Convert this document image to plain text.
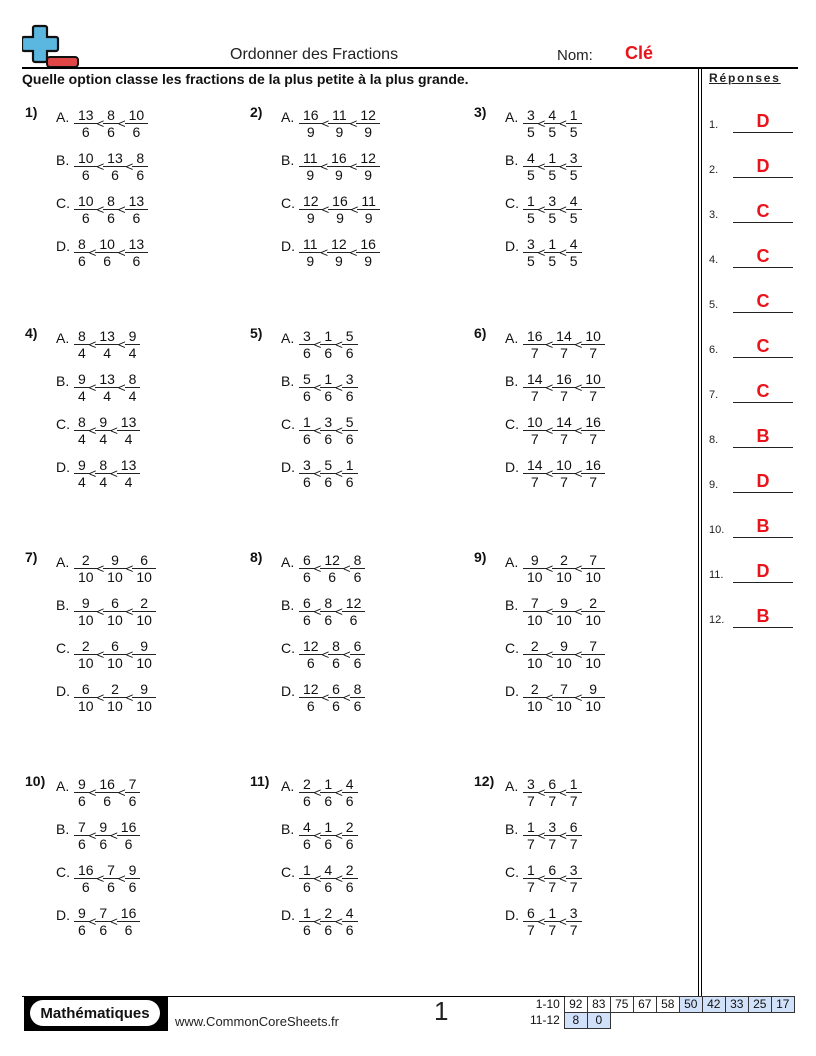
Ordonner des Fractions	Nom: Clé
Quelle option classe les fractions de la plus petite à la plus grande.	Réponses
1.	D
2.	D
3.	C
4.	C
5.	C
6.	C
7.	C
8.	B
9.	D
10.	B
11.	D
12.	B
1) A. $\frac{13}{6} < \frac{8}{6} < \frac{10}{6}$
B. $\frac{10}{6} < \frac{13}{6} < \frac{8}{6}$
C. $\frac{10}{6} < \frac{8}{6} < \frac{13}{6}$
D. $\frac{8}{6} < \frac{10}{6} < \frac{13}{6}$
2) A. $\frac{16}{9} < \frac{11}{9} < \frac{12}{9}$
B. $\frac{11}{9} < \frac{16}{9} < \frac{12}{9}$
C. $\frac{12}{9} < \frac{16}{9} < \frac{11}{9}$
D. $\frac{11}{9} < \frac{12}{9} < \frac{16}{9}$
3) A. $\frac{3}{5} < \frac{4}{5} < \frac{1}{5}$
B. $\frac{4}{5} < \frac{1}{5} < \frac{3}{5}$
C. $\frac{1}{5} < \frac{3}{5} < \frac{4}{5}$
D. $\frac{3}{5} < \frac{1}{5} < \frac{4}{5}$
4) A. $\frac{8}{4} < \frac{13}{4} < \frac{9}{4}$
B. $\frac{9}{4} < \frac{13}{4} < \frac{8}{4}$
C. $\frac{8}{4} < \frac{9}{4} < \frac{13}{4}$
D. $\frac{9}{4} < \frac{8}{4} < \frac{13}{4}$
5) A. $\frac{3}{6} < \frac{1}{6} < \frac{5}{6}$
B. $\frac{5}{6} < \frac{1}{6} < \frac{3}{6}$
C. $\frac{1}{6} < \frac{3}{6} < \frac{5}{6}$
D. $\frac{3}{6} < \frac{5}{6} < \frac{1}{6}$
6) A. $\frac{16}{7} < \frac{14}{7} < \frac{10}{7}$
B. $\frac{14}{7} < \frac{16}{7} < \frac{10}{7}$
C. $\frac{10}{7} < \frac{14}{7} < \frac{16}{7}$
D. $\frac{14}{7} < \frac{10}{7} < \frac{16}{7}$
7) A. $\frac{2}{10} < \frac{9}{10} < \frac{6}{10}$
B. $\frac{9}{10} < \frac{6}{10} < \frac{2}{10}$
C. $\frac{2}{10} < \frac{6}{10} < \frac{9}{10}$
D. $\frac{6}{10} < \frac{2}{10} < \frac{9}{10}$
8) A. $\frac{6}{6} < \frac{12}{6} < \frac{8}{6}$
B. $\frac{6}{6} < \frac{8}{6} < \frac{12}{6}$
C. $\frac{12}{6} < \frac{8}{6} < \frac{6}{6}$
D. $\frac{12}{6} < \frac{6}{6} < \frac{8}{6}$
9) A. $\frac{9}{10} < \frac{2}{10} < \frac{7}{10}$
B. $\frac{7}{10} < \frac{9}{10} < \frac{2}{10}$
C. $\frac{2}{10} < \frac{9}{10} < \frac{7}{10}$
D. $\frac{2}{10} < \frac{7}{10} < \frac{9}{10}$
10) A. $\frac{9}{6} < \frac{16}{6} < \frac{7}{6}$
B. $\frac{7}{6} < \frac{9}{6} < \frac{16}{6}$
C. $\frac{16}{6} < \frac{7}{6} < \frac{9}{6}$
D. $\frac{9}{6} < \frac{7}{6} < \frac{16}{6}$
11) A. $\frac{2}{6} < \frac{1}{6} < \frac{4}{6}$
B. $\frac{4}{6} < \frac{1}{6} < \frac{2}{6}$
C. $\frac{1}{6} < \frac{4}{6} < \frac{2}{6}$
D. $\frac{1}{6} < \frac{2}{6} < \frac{4}{6}$
12) A. $\frac{3}{7} < \frac{6}{7} < \frac{1}{7}$
B. $\frac{1}{7} < \frac{3}{7} < \frac{6}{7}$
C. $\frac{1}{7} < \frac{6}{7} < \frac{3}{7}$
D. $\frac{6}{7} < \frac{1}{7} < \frac{3}{7}$
Mathématiques	www.CommonCoreSheets.fr	1	1-10	92	83	75	67	58	50	42	33	25	17
11-12	8	0								
